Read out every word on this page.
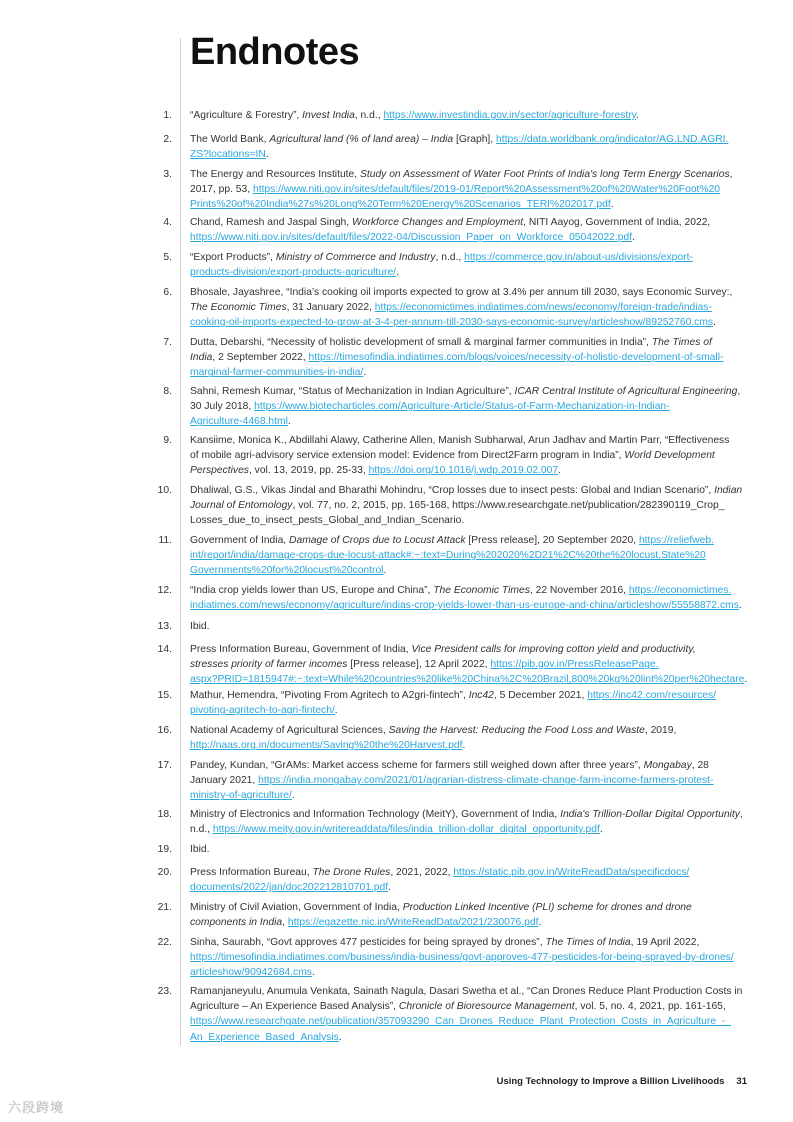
Endnotes
1. “Agriculture & Forestry”, Invest India, n.d., https://www.investindia.gov.in/sector/agriculture-forestry.
2. The World Bank, Agricultural land (% of land area) – India [Graph], https://data.worldbank.org/indicator/AG.LND.AGRI.
ZS?locations=IN.
3. The Energy and Resources Institute, Study on Assessment of Water Foot Prints of India's long Term Energy Scenarios,
2017, pp. 53, https://www.niti.gov.in/sites/default/files/2019-01/Report%20Assessment%20of%20Water%20Foot%20
Prints%20of%20India%27s%20Long%20Term%20Energy%20Scenarios_TERI%202017.pdf.
4. Chand, Ramesh and Jaspal Singh, Workforce Changes and Employment, NITI Aayog, Government of India, 2022,
https://www.niti.gov.in/sites/default/files/2022-04/Discussion_Paper_on_Workforce_05042022.pdf.
5. “Export Products”, Ministry of Commerce and Industry, n.d., https://commerce.gov.in/about-us/divisions/export-
products-division/export-products-agriculture/.
6. Bhosale, Jayashree, “India’s cooking oil imports expected to grow at 3.4% per annum till 2030, says Economic Survey:,
The Economic Times, 31 January 2022, https://economictimes.indiatimes.com/news/economy/foreign-trade/indias-
cooking-oil-imports-expected-to-grow-at-3-4-per-annum-till-2030-says-economic-survey/articleshow/89252760.cms.
7. Dutta, Debarshi, “Necessity of holistic development of small & marginal farmer communities in India”, The Times of
India, 2 September 2022, https://timesofindia.indiatimes.com/blogs/voices/necessity-of-holistic-development-of-small-
marginal-farmer-communities-in-india/.
8. Sahni, Remesh Kumar, “Status of Mechanization in Indian Agriculture”, ICAR Central Institute of Agricultural Engineering,
30 July 2018, https://www.biotecharticles.com/Agriculture-Article/Status-of-Farm-Mechanization-in-Indian-
Agriculture-4468.html.
9. Kansiime, Monica K., Abdillahi Alawy, Catherine Allen, Manish Subharwal, Arun Jadhav and Martin Parr, “Effectiveness
of mobile agri-advisory service extension model: Evidence from Direct2Farm program in India”, World Development
Perspectives, vol. 13, 2019, pp. 25-33, https://doi.org/10.1016/j.wdp.2019.02.007.
10. Dhaliwal, G.S., Vikas Jindal and Bharathi Mohindru, “Crop losses due to insect pests: Global and Indian Scenario”, Indian
Journal of Entomology, vol. 77, no. 2, 2015, pp. 165-168, https://www.researchgate.net/publication/282390119_Crop_
Losses_due_to_insect_pests_Global_and_Indian_Scenario.
11. Government of India, Damage of Crops due to Locust Attack [Press release], 20 September 2020, https://reliefweb.
int/report/india/damage-crops-due-locust-attack#:~:text=During%202020%2D21%2C%20the%20locust,State%20
Governments%20for%20locust%20control.
12. “India crop yields lower than US, Europe and China”, The Economic Times, 22 November 2016, https://economictimes.
indiatimes.com/news/economy/agriculture/indias-crop-yields-lower-than-us-europe-and-china/articleshow/55558872.cms.
13. Ibid.
14. Press Information Bureau, Government of India, Vice President calls for improving cotton yield and productivity,
stresses priority of farmer incomes [Press release], 12 April 2022, https://pib.gov.in/PressReleasePage.
aspx?PRID=1815947#:~:text=While%20countries%20like%20China%2C%20Brazil,800%20kg%20lint%20per%20hectare.
15. Mathur, Hemendra, “Pivoting From Agritech to A2gri-fintech”, Inc42, 5 December 2021, https://inc42.com/resources/
pivoting-agritech-to-agri-fintech/.
16. National Academy of Agricultural Sciences, Saving the Harvest: Reducing the Food Loss and Waste, 2019,
http://naas.org.in/documents/Saving%20the%20Harvest.pdf.
17. Pandey, Kundan, “GrAMs: Market access scheme for farmers still weighed down after three years”, Mongabay, 28
January 2021, https://india.mongabay.com/2021/01/agrarian-distress-climate-change-farm-income-farmers-protest-
ministry-of-agriculture/.
18. Ministry of Electronics and Information Technology (MeitY), Government of India, India's Trillion-Dollar Digital Opportunity,
n.d., https://www.meity.gov.in/writereaddata/files/india_trillion-dollar_digital_opportunity.pdf.
19. Ibid.
20. Press Information Bureau, The Drone Rules, 2021, 2022, https://static.pib.gov.in/WriteReadData/specificdocs/
documents/2022/jan/doc202212810701.pdf.
21. Ministry of Civil Aviation, Government of India, Production Linked Incentive (PLI) scheme for drones and drone
components in India, https://egazette.nic.in/WriteReadData/2021/230076.pdf.
22. Sinha, Saurabh, “Govt approves 477 pesticides for being sprayed by drones”, The Times of India, 19 April 2022,
https://timesofindia.indiatimes.com/business/india-business/govt-approves-477-pesticides-for-being-sprayed-by-drones/
articleshow/90942684.cms.
23. Ramanjaneyulu, Anumula Venkata, Sainath Nagula, Dasari Swetha et al., “Can Drones Reduce Plant Production Costs in
Agriculture – An Experience Based Analysis”, Chronicle of Bioresource Management, vol. 5, no. 4, 2021, pp. 161-165,
https://www.researchgate.net/publication/357093290_Can_Drones_Reduce_Plant_Protection_Costs_in_Agriculture_-_
An_Experience_Based_Analysis.
Using Technology to Improve a Billion Livelihoods 31
六段跨境
